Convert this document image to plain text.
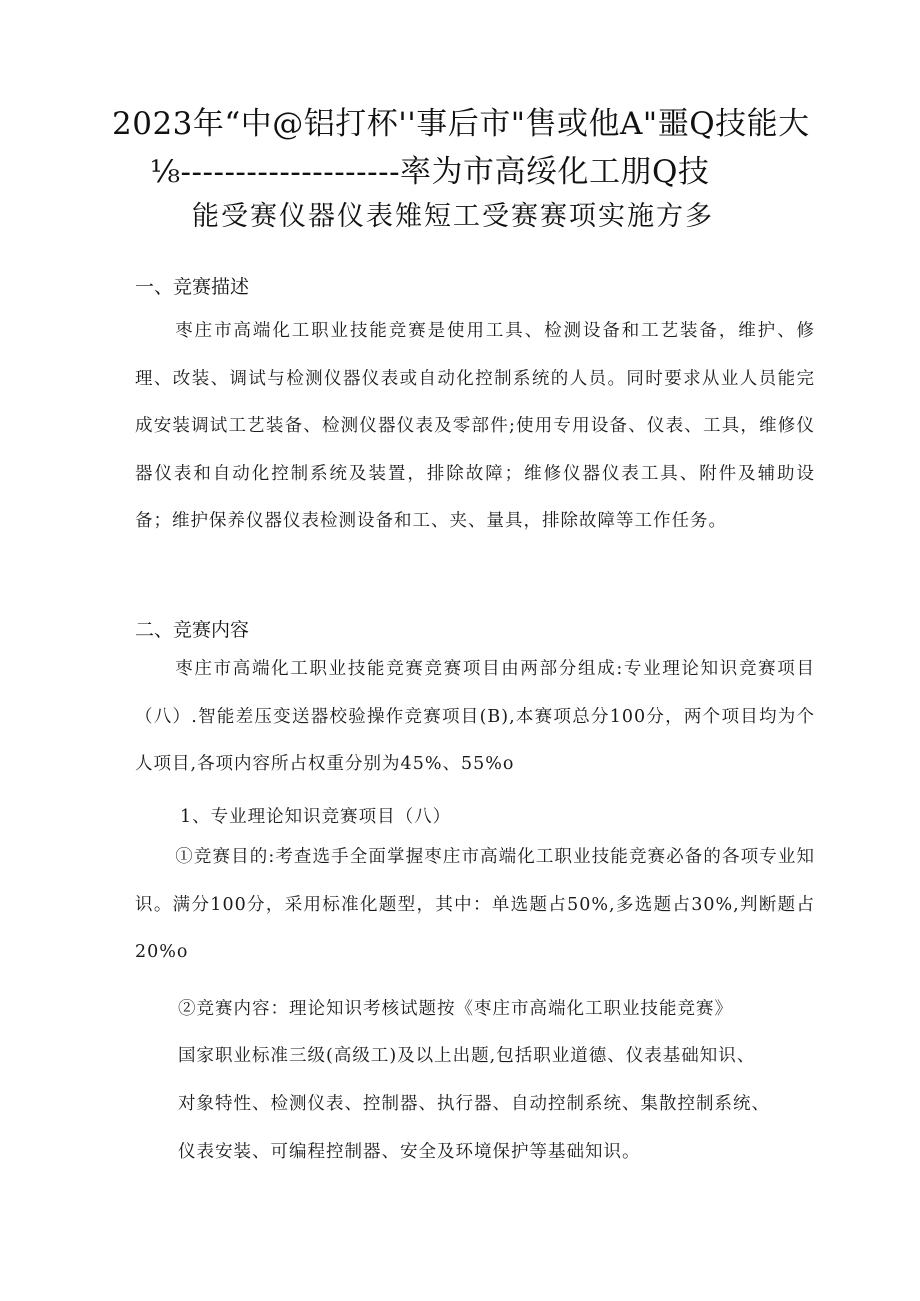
2023年“中@铝打杯''事后市"售或他A"噩Q技能大
⅛--------------------率为市高绥化工朋Q技
能受赛仪器仪表雉短工受赛赛项实施方多
一、竞赛描述
枣庄市高端化工职业技能竞赛是使用工具、检测设备和工艺装备，维护、修理、改装、调试与检测仪器仪表或自动化控制系统的人员。同时要求从业人员能完成安装调试工艺装备、检测仪器仪表及零部件;使用专用设备、仪表、工具，维修仪器仪表和自动化控制系统及装置，排除故障；维修仪器仪表工具、附件及辅助设备；维护保养仪器仪表检测设备和工、夹、量具，排除故障等工作任务。
二、竞赛内容
枣庄市高端化工职业技能竞赛竞赛项目由两部分组成:专业理论知识竞赛项目（八）.智能差压变送器校验操作竞赛项目(B),本赛项总分100分，两个项目均为个人项目,各项内容所占权重分别为45%、55%o
1、专业理论知识竞赛项目（八）
①竞赛目的:考查选手全面掌握枣庄市高端化工职业技能竞赛必备的各项专业知识。满分100分，采用标准化题型，其中：单选题占50%,多选题占30%,判断题占20%o
②竞赛内容：理论知识考核试题按《枣庄市高端化工职业技能竞赛》
国家职业标准三级(高级工)及以上出题,包括职业道德、仪表基础知识、
对象特性、检测仪表、控制器、执行器、自动控制系统、集散控制系统、
仪表安装、可编程控制器、安全及环境保护等基础知识。
